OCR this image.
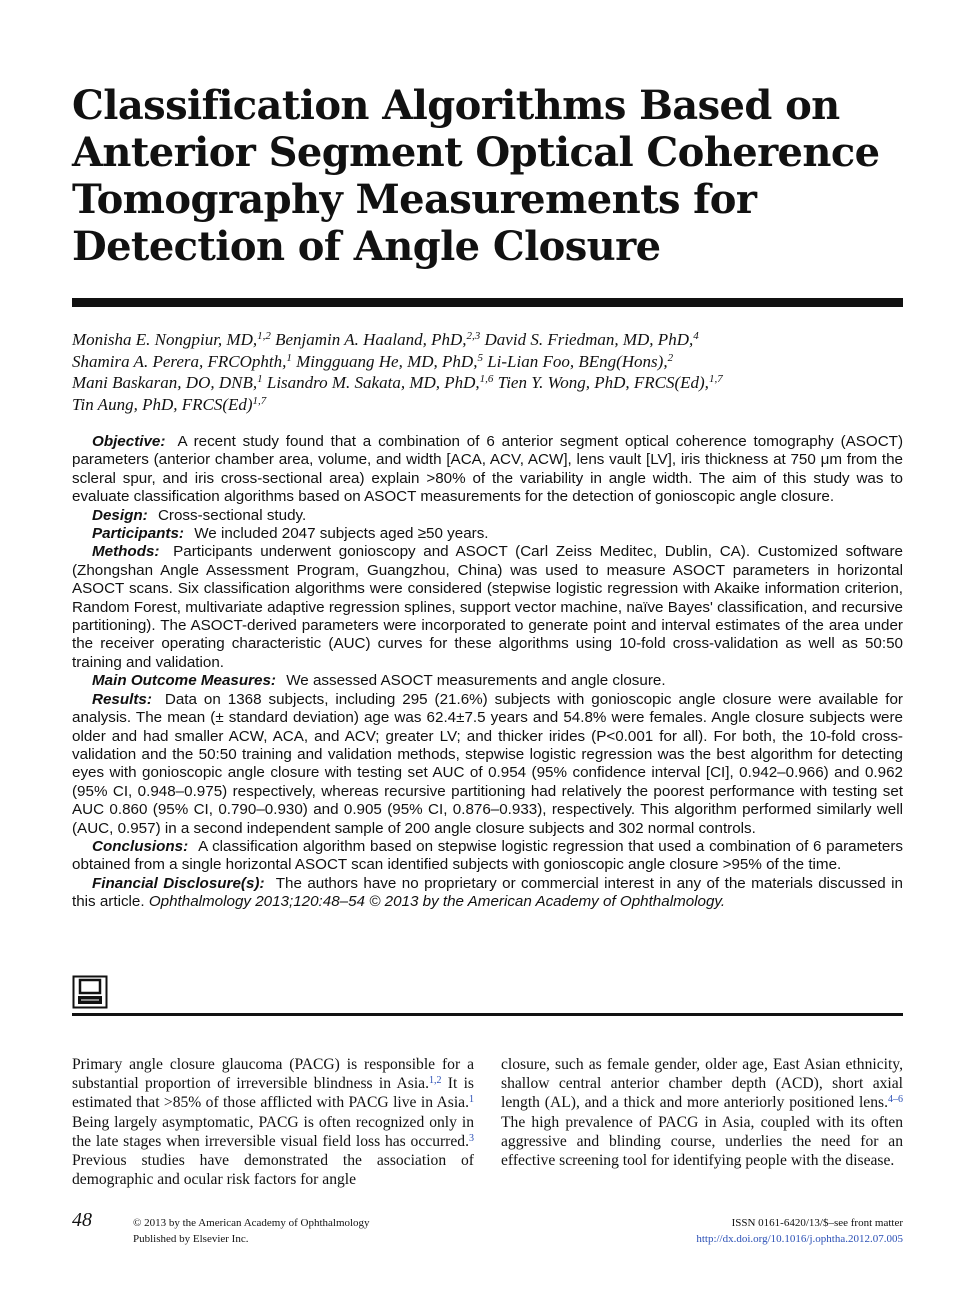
Classification Algorithms Based on Anterior Segment Optical Coherence Tomography Measurements for Detection of Angle Closure
Monisha E. Nongpiur, MD,$^{1,2}$ Benjamin A. Haaland, PhD,$^{2,3}$ David S. Friedman, MD, PhD,$^4$
Shamira A. Perera, FRCOphth,$^1$ Mingguang He, MD, PhD,$^5$ Li-Lian Foo, BEng(Hons),$^2$
Mani Baskaran, DO, DNB,$^1$ Lisandro M. Sakata, MD, PhD,$^{1,6}$ Tien Y. Wong, PhD, FRCS(Ed),$^{1,7}$
Tin Aung, PhD, $FRCS(Ed)^{1,7}$

Objective: A recent study found that a combination of 6 anterior segment optical coherence tomography (ASOCT) parameters (anterior chamber area, volume, and width [ACA, ACV, ACW], lens vault [LV], iris thickness at 750 μm from the scleral spur, and iris cross-sectional area) explain >80% of the variability in angle width. The aim of this study was to evaluate classification algorithms based on ASOCT measurements for the detection of gonioscopic angle closure.

Design: Cross-sectional study.

Participants: We included 2047 subjects aged ≥50 years.

Methods: Participants underwent gonioscopy and ASOCT (Carl Zeiss Meditec, Dublin, CA). Customized software (Zhongshan Angle Assessment Program, Guangzhou, China) was used to measure ASOCT parameters in horizontal ASOCT scans. Six classification algorithms were considered (stepwise logistic regression with Akaike information criterion, Random Forest, multivariate adaptive regression splines, support vector machine, naïve Bayes' classification, and recursive partitioning). The ASOCT-derived parameters were incorporated to generate point and interval estimates of the area under the receiver operating characteristic (AUC) curves for these algorithms using 10-fold cross-validation as well as 50:50 training and validation.

Main Outcome Measures: We assessed ASOCT measurements and angle closure.

Results: Data on 1368 subjects, including 295 (21.6%) subjects with gonioscopic angle closure were available for analysis. The mean (± standard deviation) age was 62.4±7.5 years and 54.8% were females. Angle closure subjects were older and had smaller ACW, ACA, and ACV; greater LV; and thicker irides (P<0.001 for all). For both, the 10-fold cross-validation and the 50:50 training and validation methods, stepwise logistic regression was the best algorithm for detecting eyes with gonioscopic angle closure with testing set AUC of 0.954 (95% confidence interval [CI], 0.942–0.966) and 0.962 (95% CI, 0.948–0.975) respectively, whereas recursive partitioning had relatively the poorest performance with testing set AUC 0.860 (95% CI, 0.790–0.930) and 0.905 (95% CI, 0.876–0.933), respectively. This algorithm performed similarly well (AUC, 0.957) in a second independent sample of 200 angle closure subjects and 302 normal controls.

Conclusions: A classification algorithm based on stepwise logistic regression that used a combination of 6 parameters obtained from a single horizontal ASOCT scan identified subjects with gonioscopic angle closure >95% of the time.

Financial Disclosure(s): The authors have no proprietary or commercial interest in any of the materials discussed in this article. Ophthalmology 2013;120:48–54 © 2013 by the American Academy of Ophthalmology.

Primary angle closure glaucoma (PACG) is responsible for a substantial proportion of irreversible blindness in Asia.$^{1,2}$ It is estimated that >85% of those afflicted with PACG live in Asia.$^1$ Being largely asymptomatic, PACG is often recognized only in the late stages when irreversible visual field loss has occurred.$^3$ Previous studies have demonstrated the association of demographic and ocular risk factors for angle

closure, such as female gender, older age, East Asian ethnicity, shallow central anterior chamber depth (ACD), short axial length (AL), and a thick and more anteriorly positioned lens.$^{4-6}$ The high prevalence of PACG in Asia, coupled with its often aggressive and blinding course, underlies the need for an effective screening tool for identifying people with the disease.

48	© 2013 by the American Academy of Ophthalmology
Published by Elsevier Inc.
ISSN 0161-6420/13/$–see front matter
http://dx.doi.org/10.1016/j.ophtha.2012.07.005
